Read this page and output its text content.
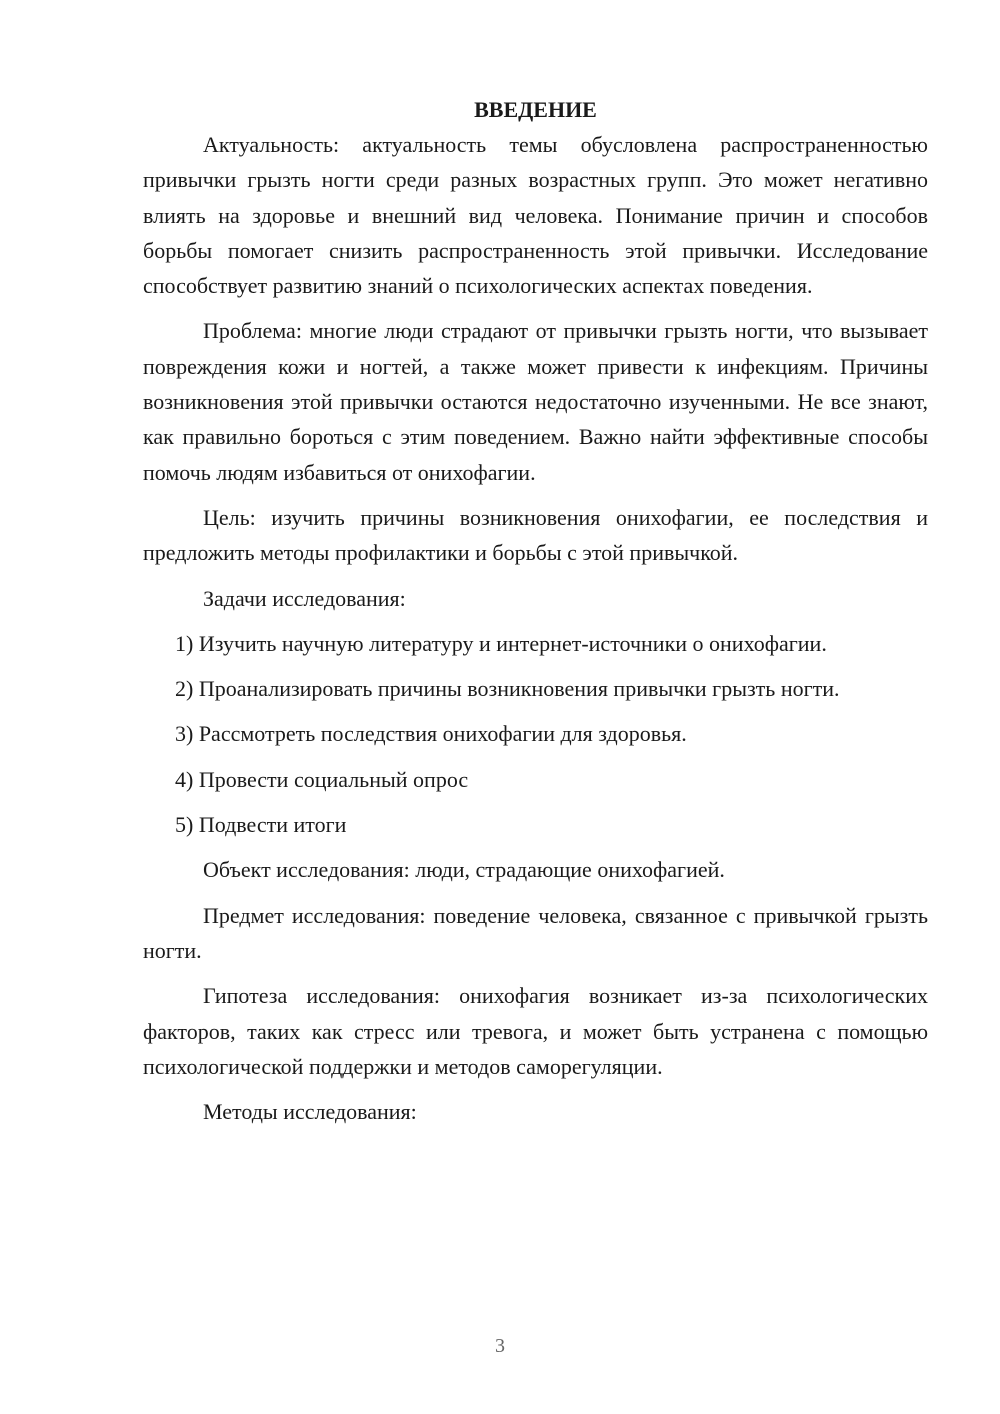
ВВЕДЕНИЕ
Актуальность: актуальность темы обусловлена распространенностью привычки грызть ногти среди разных возрастных групп. Это может негативно влиять на здоровье и внешний вид человека. Понимание причин и способов борьбы помогает снизить распространенность этой привычки. Исследование способствует развитию знаний о психологических аспектах поведения.
Проблема: многие люди страдают от привычки грызть ногти, что вызывает повреждения кожи и ногтей, а также может привести к инфекциям. Причины возникновения этой привычки остаются недостаточно изученными. Не все знают, как правильно бороться с этим поведением. Важно найти эффективные способы помочь людям избавиться от онихофагии.
Цель: изучить причины возникновения онихофагии, ее последствия и предложить методы профилактики и борьбы с этой привычкой.
Задачи исследования:
1) Изучить научную литературу и интернет-источники о онихофагии.
2) Проанализировать причины возникновения привычки грызть ногти.
3) Рассмотреть последствия онихофагии для здоровья.
4) Провести социальный опрос
5) Подвести итоги
Объект исследования: люди, страдающие онихофагией.
Предмет исследования: поведение человека, связанное с привычкой грызть ногти.
Гипотеза исследования: онихофагия возникает из-за психологических факторов, таких как стресс или тревога, и может быть устранена с помощью психологической поддержки и методов саморегуляции.
Методы исследования:
3
